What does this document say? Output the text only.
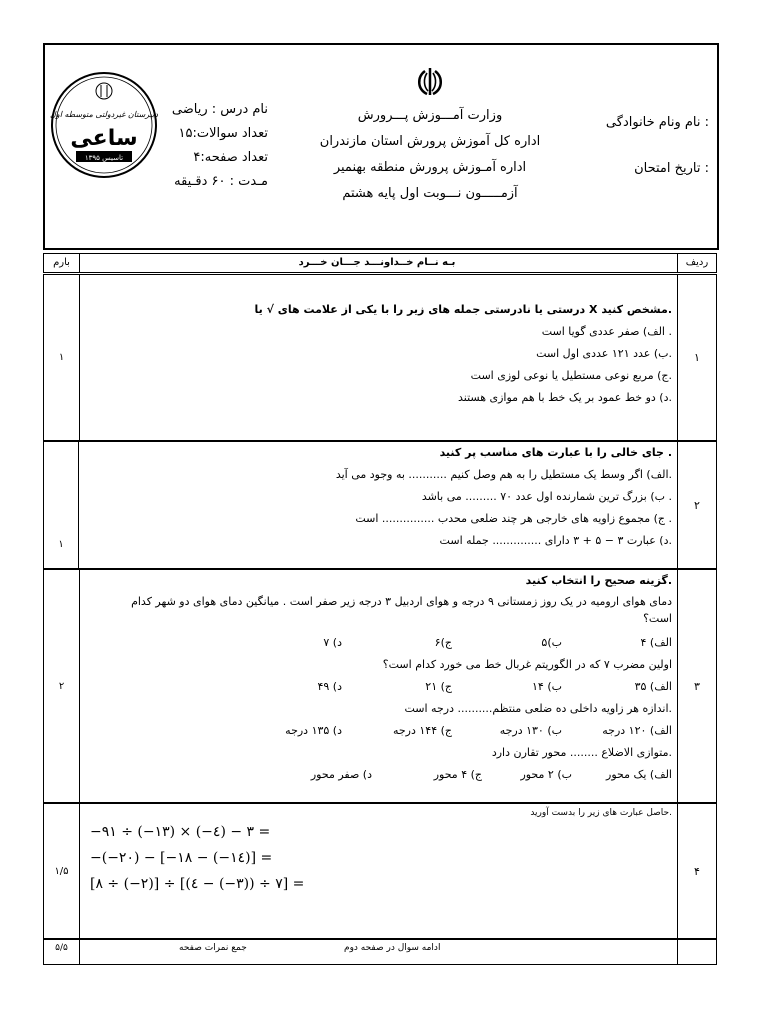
نام ونام خانوادگی :
تاریخ امتحان :
وزارت آمـــوزش پـــرورش
اداره کل آموزش پرورش استان مازندران
اداره آمـوزش پرورش منطقه بهنمیر
آزمـــــون نـــوبت اول پایه هشتم
نام درس : ریاضی
تعداد سوالات:۱۵
تعداد صفحه:۴
مـدت : ۶۰ دقـیقه
دبیرستان غیردولتی متوسطه اول
ساعی
تاسیس ۱۳۹۵
ردیف
بـه نــام خــداونـــد جـــان خـــرد
بارم
۱
۱
درستی یا نادرستی جمله های زیر را با یکی از علامت های √ یا X مشخص کنید.
الف) صفر عددی گویا است .
ب) عدد ۱۲۱ عددی اول است.
ج) مربع نوعی مستطیل یا نوعی لوزی است.
د) دو خط عمود بر یک خط با هم موازی هستند.
۲
۱
جای خالی را با عبارت های مناسب پر کنید .
الف) اگر وسط یک مستطیل را به هم وصل کنیم ........... به وجود می آید.
ب) بزرگ ترین شمارنده اول عدد ۷۰ ......... می باشد .
ج) مجموع زاویه های خارجی هر چند ضلعی محدب ............... است .
د) عبارت ۳ − ۵ + ۳ دارای .............. جمله است.
۳
۲
گزینه صحیح را انتخاب کنید.
دمای هوای ارومیه در یک روز زمستانی ۹ درجه و هوای اردبیل ۳ درجه زیر صفر است . میانگین دمای هوای دو شهر کدام
است؟
الف) ۴
ب)۵
ج)۶
د) ۷
اولین مضرب ۷ که در الگوریتم غربال خط می خورد کدام است؟
الف) ۳۵
ب) ۱۴
ج) ۲۱
د) ۴۹
اندازه هر زاویه داخلی ده ضلعی منتظم.......... درجه است.
الف) ۱۲۰ درجه
ب) ۱۳۰ درجه
ج) ۱۴۴ درجه
د) ۱۳۵ درجه
متوازی الاضلاع ........ محور تقارن دارد.
الف) یک محور
ب) ۲ محور
ج) ۴ محور
د) صفر محور
۴
۱/۵
حاصل عبارت های زیر را بدست آورید.
−۹۱ ÷ (−۱۳) × (−٤) − ۳ =
−(−۲۰) − [−۱۸ − (−۱٤)] =
[۸ ÷ (−۲)] ÷ [(٤ − (−۳)) ÷ ۷] =
ادامه سوال در صفحه دوم
جمع نمرات صفحه
۵/۵
